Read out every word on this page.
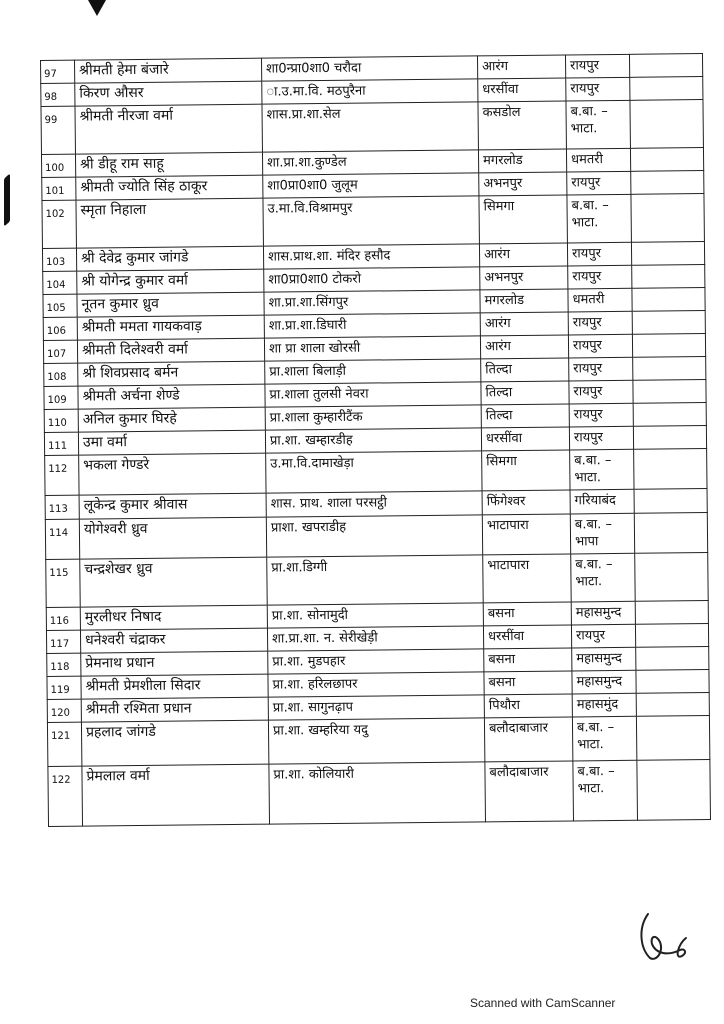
97	श्रीमती हेमा बंजारे	शा0न्प्रा0शा0 चरौदा	आरंग	रायपुर	
98	किरण औसर	ा.उ.मा.वि. मठपुरैना	धरसींवा	रायपुर	
99	श्रीमती नीरजा वर्मा	शास.प्रा.शा.सेल	कसडोल	ब.बा. –भाटा.	
100	श्री डीहू राम साहू	शा.प्रा.शा.कुण्डेल	मगरलोड	धमतरी	
101	श्रीमती ज्योति सिंह ठाकूर	शा0प्रा0शा0 जुलूम	अभनपुर	रायपुर	
102	स्मृता निहाला	उ.मा.वि.विश्रामपुर	सिमगा	ब.बा. –भाटा.	
103	श्री देवेद्र कुमार जांगडे	शास.प्राथ.शा. मंदिर हसौद	आरंग	रायपुर	
104	श्री योगेन्द्र कुमार वर्मा	शा0प्रा0शा0 टोकरो	अभनपुर	रायपुर	
105	नूतन कुमार ध्रुव	शा.प्रा.शा.सिंगपुर	मगरलोड	धमतरी	
106	श्रीमती ममता गायकवाड़	शा.प्रा.शा.डिघारी	आरंग	रायपुर	
107	श्रीमती दिलेश्वरी वर्मा	शा प्रा शाला खोरसी	आरंग	रायपुर	
108	श्री शिवप्रसाद बर्मन	प्रा.शाला बिलाड़ी	तिल्दा	रायपुर	
109	श्रीमती अर्चना शेण्डे	प्रा.शाला तुलसी नेवरा	तिल्दा	रायपुर	
110	अनिल कुमार घिरहे	प्रा.शाला कुम्हारीटैंक	तिल्दा	रायपुर	
111	उमा वर्मा	प्रा.शा. खम्हारडीह	धरसींवा	रायपुर	
112	भकला गेण्डरे	उ.मा.वि.दामाखेड़ा	सिमगा	ब.बा. –भाटा.	
113	लूकेन्द्र कुमार श्रीवास	शास. प्राथ. शाला परसट्ठी	फिंगेश्वर	गरियाबंद	
114	योगेश्वरी ध्रुव	प्राशा. खपराडीह	भाटापारा	ब.बा. –भापा	
115	चन्द्रशेखर ध्रुव	प्रा.शा.डिग्गी	भाटापारा	ब.बा. –भाटा.	
116	मुरलीधर निषाद	प्रा.शा. सोनामुदी	बसना	महासमुन्द	
117	धनेश्वरी चंद्राकर	शा.प्रा.शा. न. सेरीखेड़ी	धरसींवा	रायपुर	
118	प्रेमनाथ प्रधान	प्रा.शा. मुडपहार	बसना	महासमुन्द	
119	श्रीमती प्रेमशीला सिदार	प्रा.शा. हरिलछापर	बसना	महासमुन्द	
120	श्रीमती रश्मिता प्रधान	प्रा.शा. सागुनढ़ाप	पिथौरा	महासमुंद	
121	प्रहलाद जांगडे	प्रा.शा. खम्हरिया यदु	बलौदाबाजार	ब.बा. –भाटा.	
122	प्रेमलाल वर्मा	प्रा.शा. कोलियारी	बलौदाबाजार	ब.बा. –भाटा.	
Scanned with CamScanner
